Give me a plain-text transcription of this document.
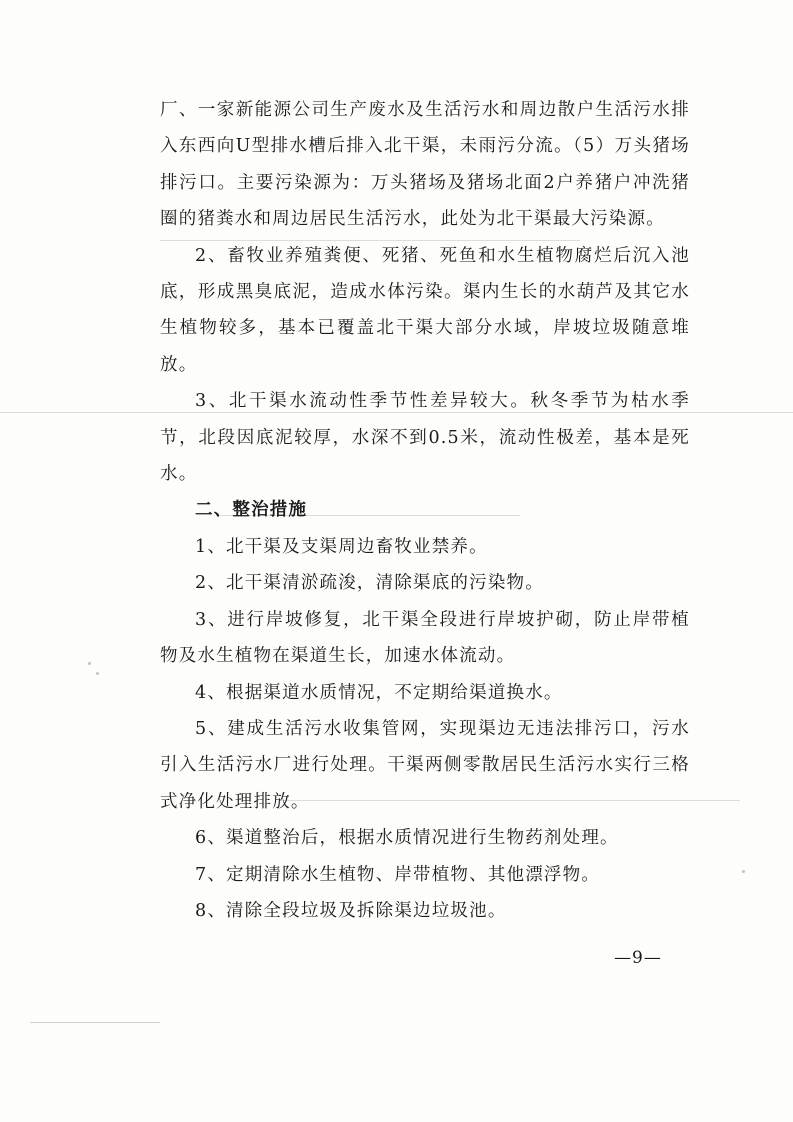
厂、一家新能源公司生产废水及生活污水和周边散户生活污水排入东西向U型排水槽后排入北干渠，未雨污分流。（5）万头猪场排污口。主要污染源为：万头猪场及猪场北面2户养猪户冲洗猪圈的猪粪水和周边居民生活污水，此处为北干渠最大污染源。

2、畜牧业养殖粪便、死猪、死鱼和水生植物腐烂后沉入池底，形成黑臭底泥，造成水体污染。渠内生长的水葫芦及其它水生植物较多，基本已覆盖北干渠大部分水域，岸坡垃圾随意堆放。

3、北干渠水流动性季节性差异较大。秋冬季节为枯水季节，北段因底泥较厚，水深不到0.5米，流动性极差，基本是死水。

二、整治措施

1、北干渠及支渠周边畜牧业禁养。

2、北干渠清淤疏浚，清除渠底的污染物。

3、进行岸坡修复，北干渠全段进行岸坡护砌，防止岸带植物及水生植物在渠道生长，加速水体流动。

4、根据渠道水质情况，不定期给渠道换水。

5、建成生活污水收集管网，实现渠边无违法排污口，污水引入生活污水厂进行处理。干渠两侧零散居民生活污水实行三格式净化处理排放。

6、渠道整治后，根据水质情况进行生物药剂处理。

7、定期清除水生植物、岸带植物、其他漂浮物。

8、清除全段垃圾及拆除渠边垃圾池。

—9—
